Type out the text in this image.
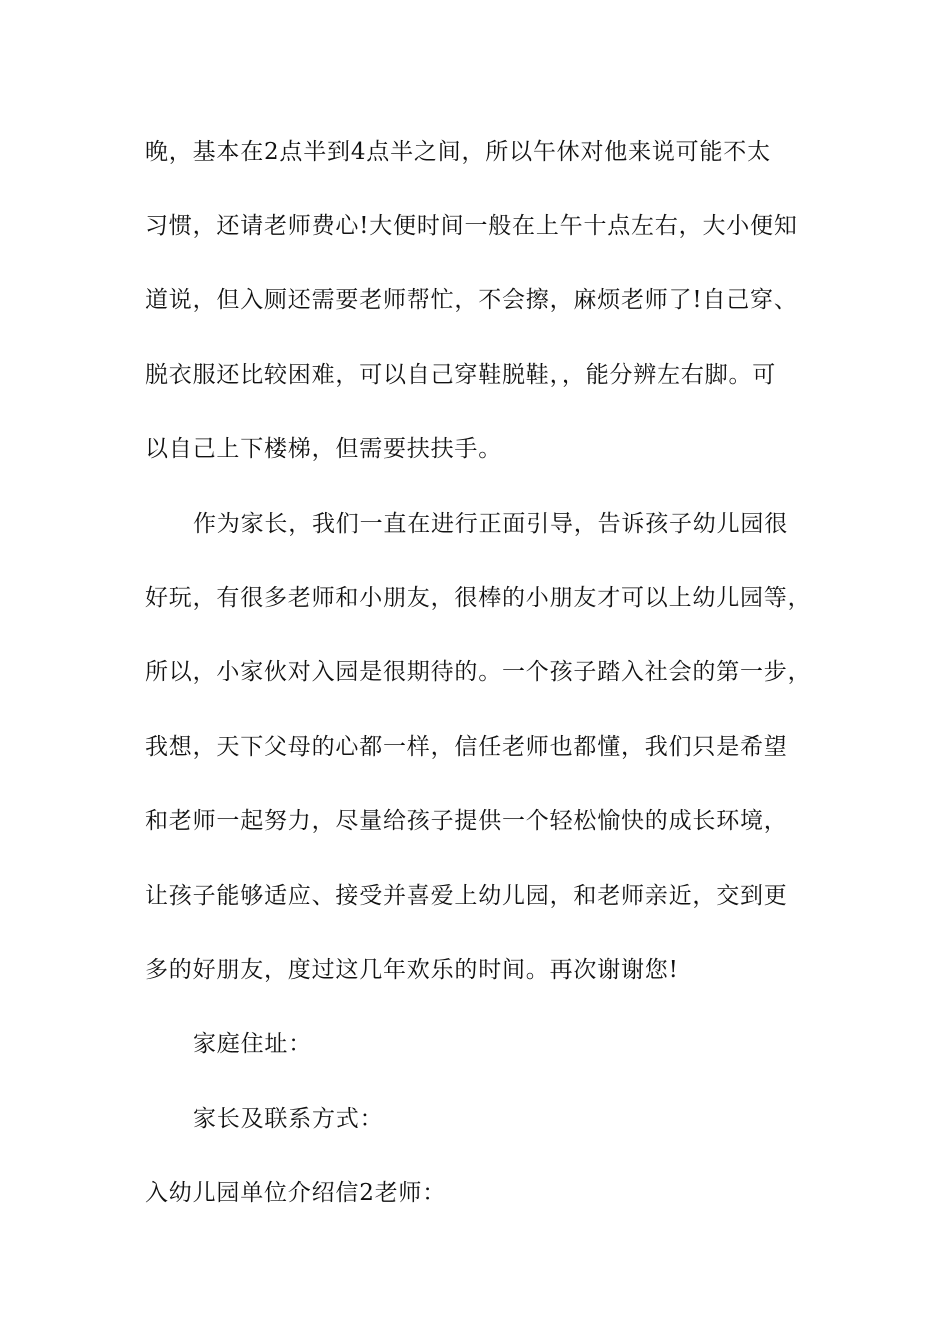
晚，基本在2点半到4点半之间，所以午休对他来说可能不太
习惯，还请老师费心!大便时间一般在上午十点左右，大小便知
道说，但入厕还需要老师帮忙，不会擦，麻烦老师了!自己穿、
脱衣服还比较困难，可以自己穿鞋脱鞋，，能分辨左右脚。可
以自己上下楼梯，但需要扶扶手。
作为家长，我们一直在进行正面引导，告诉孩子幼儿园很
好玩，有很多老师和小朋友，很棒的小朋友才可以上幼儿园等，
所以，小家伙对入园是很期待的。一个孩子踏入社会的第一步，
我想，天下父母的心都一样，信任老师也都懂，我们只是希望
和老师一起努力，尽量给孩子提供一个轻松愉快的成长环境，
让孩子能够适应、接受并喜爱上幼儿园，和老师亲近，交到更
多的好朋友，度过这几年欢乐的时间。再次谢谢您!
家庭住址：
家长及联系方式：
入幼儿园单位介绍信2老师：
